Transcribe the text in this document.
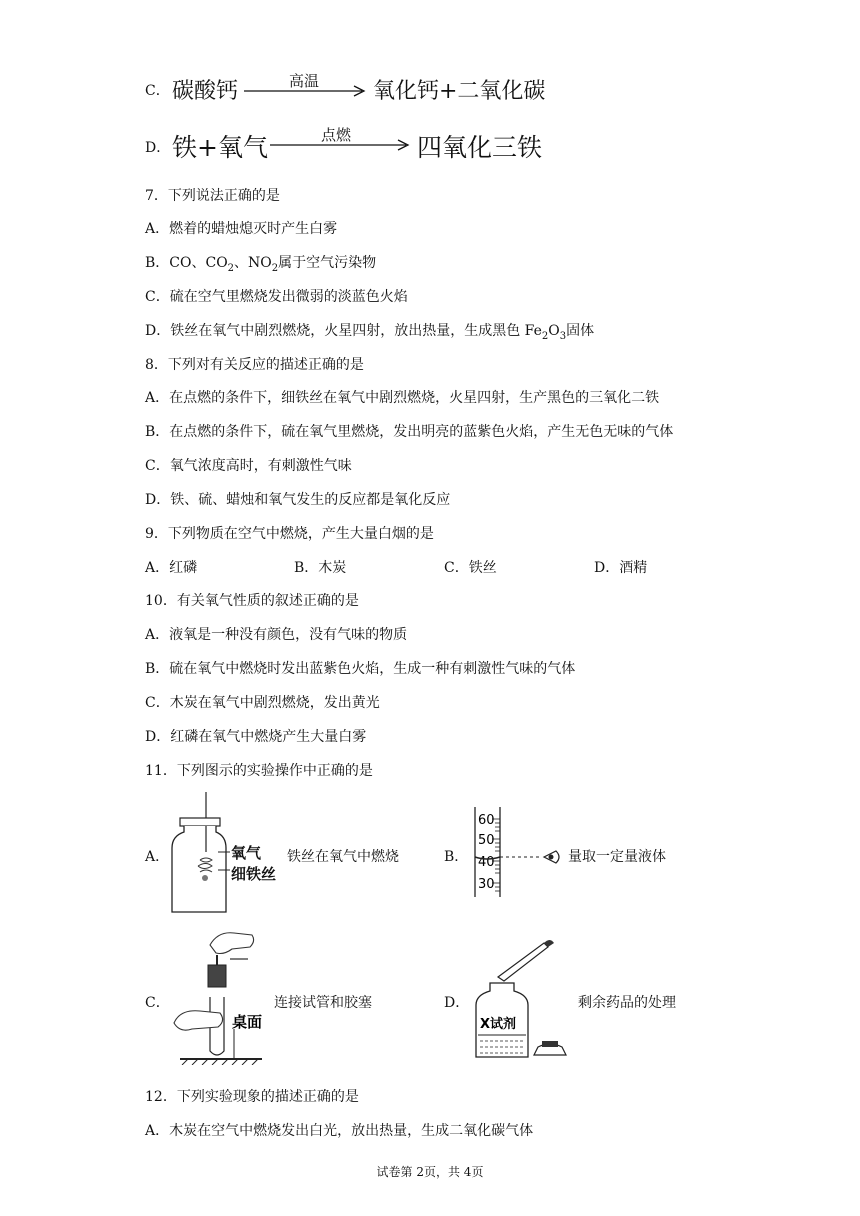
C． 碳酸钙	高温 氧化钙+二氧化碳
D． 铁+氧气	点燃	四氧化三铁
7．下列说法正确的是
A．燃着的蜡烛熄灭时产生白雾
B．CO、$CO_2$、$NO_2$属于空气污染物
C．硫在空气里燃烧发出微弱的淡蓝色火焰
D．铁丝在氧气中剧烈燃烧，火星四射，放出热量，生成黑色 $Fe_2O_3$固体
8．下列对有关反应的描述正确的是
A．在点燃的条件下，细铁丝在氧气中剧烈燃烧，火星四射，生产黑色的三氧化二铁
B．在点燃的条件下，硫在氧气里燃烧，发出明亮的蓝紫色火焰，产生无色无味的气体
C．氧气浓度高时，有刺激性气味
D．铁、硫、蜡烛和氧气发生的反应都是氧化反应
9．下列物质在空气中燃烧，产生大量白烟的是
A．红磷	B．木炭	C．铁丝	D．酒精
10．有关氧气性质的叙述正确的是
A．液氧是一种没有颜色，没有气味的物质
B．硫在氧气中燃烧时发出蓝紫色火焰，生成一种有刺激性气味的气体
C．木炭在氧气中剧烈燃烧，发出黄光
D．红磷在氧气中燃烧产生大量白雾
11．下列图示的实验操作中正确的是
A．	氧气
细铁丝
铁丝在氧气中燃烧	B．
60
50
40
30
量取一定量液体
C．
桌面
连接试管和胶塞	D．
X试剂
剩余药品的处理
12．下列实验现象的描述正确的是
A．木炭在空气中燃烧发出白光，放出热量，生成二氧化碳气体
试卷第 2页，共 4页
